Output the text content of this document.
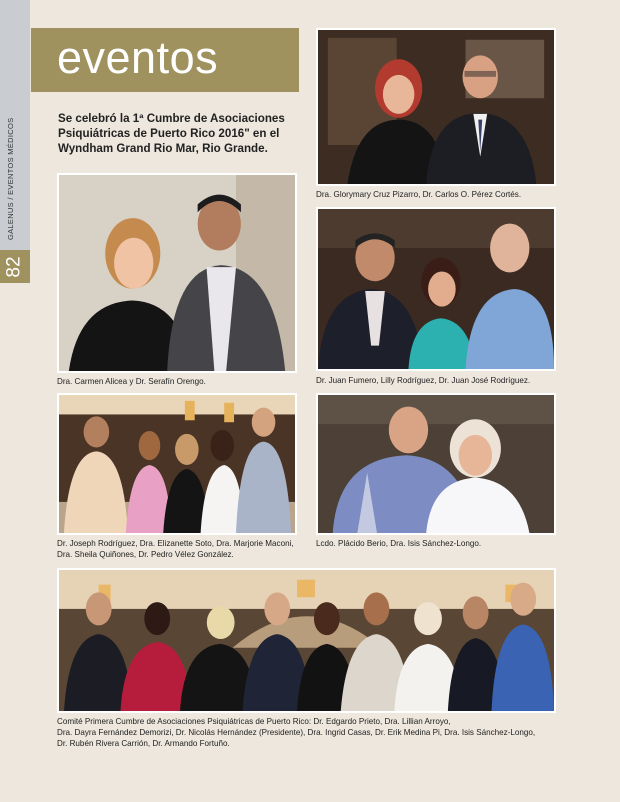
GALENUS / EVENTOS MÉDICOS
82
eventos
Se celebró la 1ª Cumbre de Asociaciones Psiquiátricas de Puerto Rico 2016" en el Wyndham Grand Rio Mar, Rio Grande.
Dra. Glorymary Cruz Pizarro, Dr. Carlos O. Pérez Cortés.
Dra. Carmen Alicea y Dr. Serafín Orengo.	Dr. Juan Fumero, Lilly Rodríguez, Dr. Juan José Rodríguez.
Dr. Joseph Rodríguez, Dra. Elizanette Soto, Dra. Marjorie Maconi,
Dra. Sheila Quiñones, Dr. Pedro Vélez González.
Lcdo. Plácido Berio, Dra. Isis Sánchez-Longo.
Comité Primera Cumbre de Asociaciones Psiquiátricas de Puerto Rico: Dr. Edgardo Prieto, Dra. Lillian Arroyo,
Dra. Dayra Fernández Demorizi, Dr. Nicolás Hernández (Presidente), Dra. Ingrid Casas, Dr. Erik Medina Pi, Dra. Isis Sánchez-Longo,
Dr. Rubén Rivera Carrión, Dr. Armando Fortuño.
